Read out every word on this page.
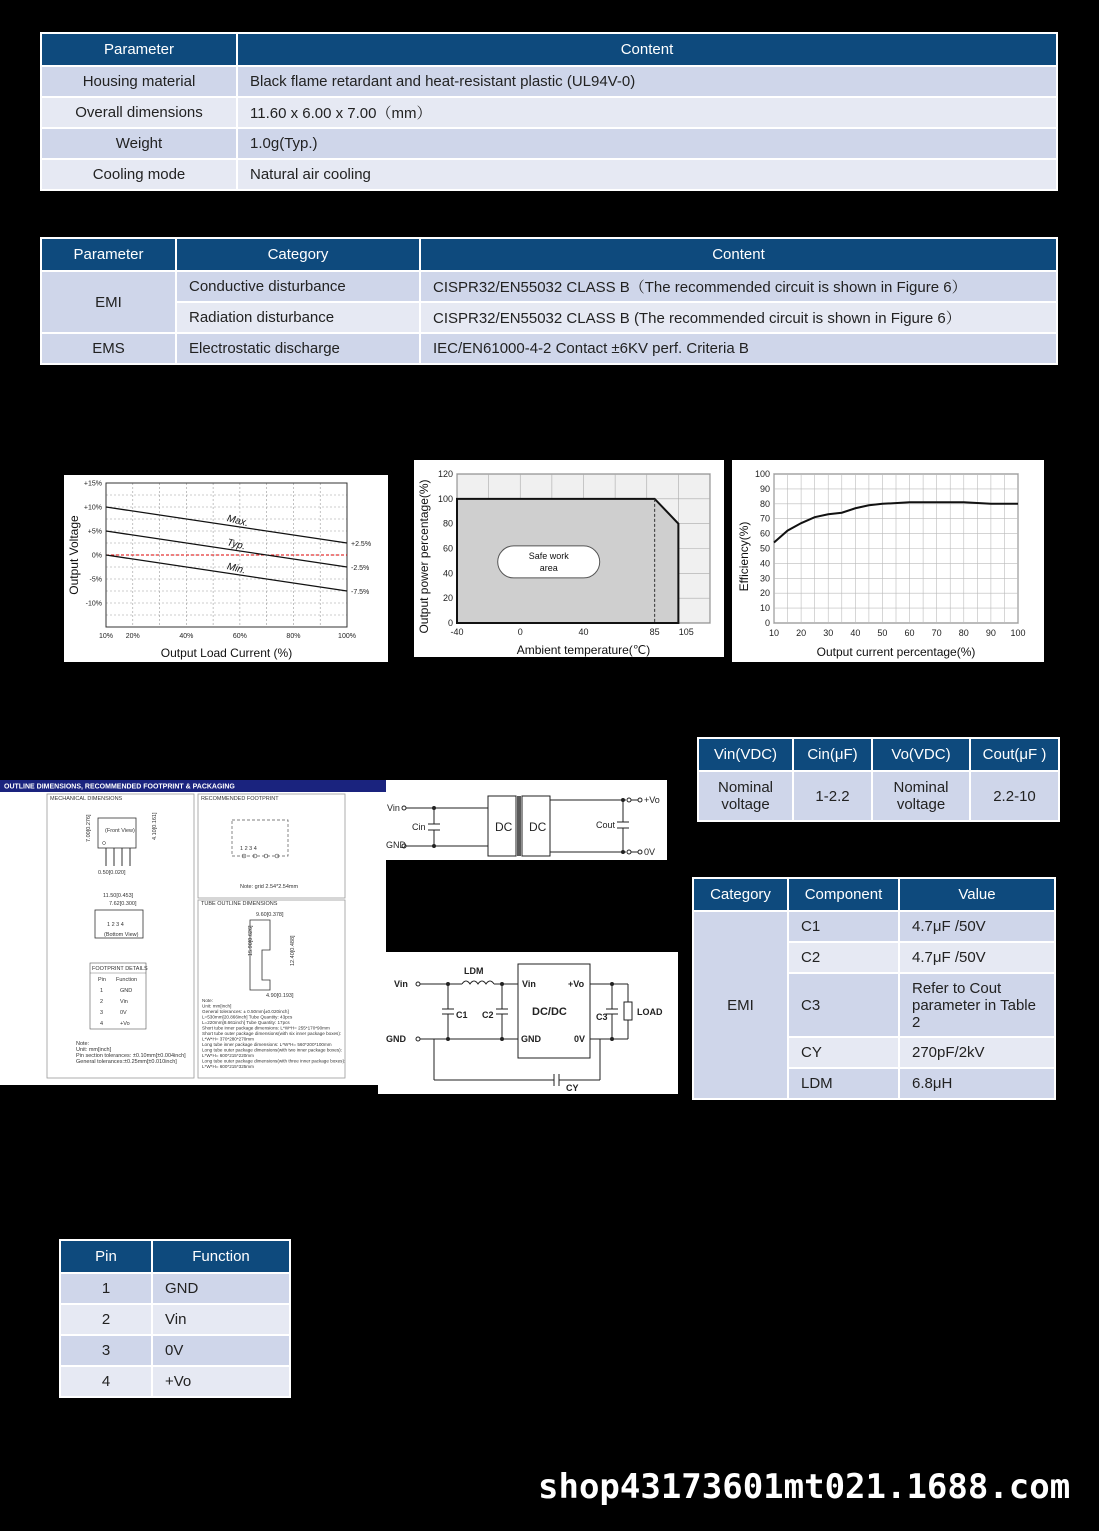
Parameter	Content
Housing material	Black flame retardant and heat-resistant plastic (UL94V-0)
Overall dimensions	11.60 x 6.00 x 7.00（mm）
Weight	1.0g(Typ.)
Cooling mode	Natural air cooling
Parameter	Category	Content
EMI	Conductive disturbance	CISPR32/EN55032 CLASS B（The recommended circuit is shown in Figure 6）
	Radiation disturbance	CISPR32/EN55032 CLASS B (The recommended circuit is shown in Figure 6）
EMS	Electrostatic discharge	IEC/EN61000-4-2 Contact ±6KV perf. Criteria B
10% 20%	40%	60%	80%	100%
+15%
+10%
+5%
0%
-5%
-10%
Max.
+2.5%
Typ.
-2.5%
Min.
-7.5%
Output Load Current (%)
Output Voltage
-40	0	40	85 105
0
20
40
60
80
100
120
Safe work
area
Ambient temperature(℃)
Output power percentage(%)	10 20 30 40 50 60 70 80 90 100
0
10
20
30
40
50
60
70
80
90
100
Output current percentage(%)
Efficiency(%)
OUTLINE DIMENSIONS, RECOMMENDED FOOTPRINT & PACKAGING
MECHANICAL DIMENSIONS	RECOMMENDED FOOTPRINT
TUBE OUTLINE DIMENSIONS
(Front View)
0.50[0.020]
7.00[0.276]	4.10[0.161]
11.50[0.453]
7.62[0.300]
1 2 3 4
(Bottom View)
FOOTPRINT DETAILS
Pin Function
1	GND
2	Vin
3	0V
4	+Vo
Note:
Unit: mm[inch]
Pin section tolerances: ±0.10mm[±0.004inch]
General tolerances:±0.25mm[±0.010inch]
1 2 3 4
Note: grid 2.54*2.54mm
9.60[0.378]
12.40[0.488]
15.90[0.626]
4.90[0.193]
Note:
Unit: mm[inch]
General tolerances: ± 0.50mm[±0.020inch]
L=530mm[20.866inch] Tube Quantity: 43pcs
L=220mm[8.661inch] Tube Quantity: 17pcs
Short tube inner package dimensions: L*W*H= 255*170*90mm
Short tube outer package dimensions(with six inner package boxes):
L*W*H= 370*280*270mm
Long tube inner package dimensions: L*W*H= 560*200*100mm
Long tube outer package dimensions(with two inner package boxes):
L*W*H= 600*215*220mm
Long tube outer package dimensions(with three inner package boxes):
L*W*H= 600*215*325mm
Vin
GND
Cin	DC DC	Cout
+Vo
0V
Vin
GND
LDM
C1 C2
Vin	+Vo
DC/DC
GND	0V
C3	LOAD
CY
Vin(VDC)	Cin(μF)	Vo(VDC)	Cout(μF )
Nominal voltage	1-2.2	Nominal voltage	2.2-10
Category	Component	Value
EMI	C1	4.7μF /50V
	C2	4.7μF /50V
	C3	Refer to Cout parameter in Table 2
	CY	270pF/2kV
	LDM	6.8μH
Pin	Function
1	GND
2	Vin
3	0V
4	+Vo
shop43173601mt021.1688.com
